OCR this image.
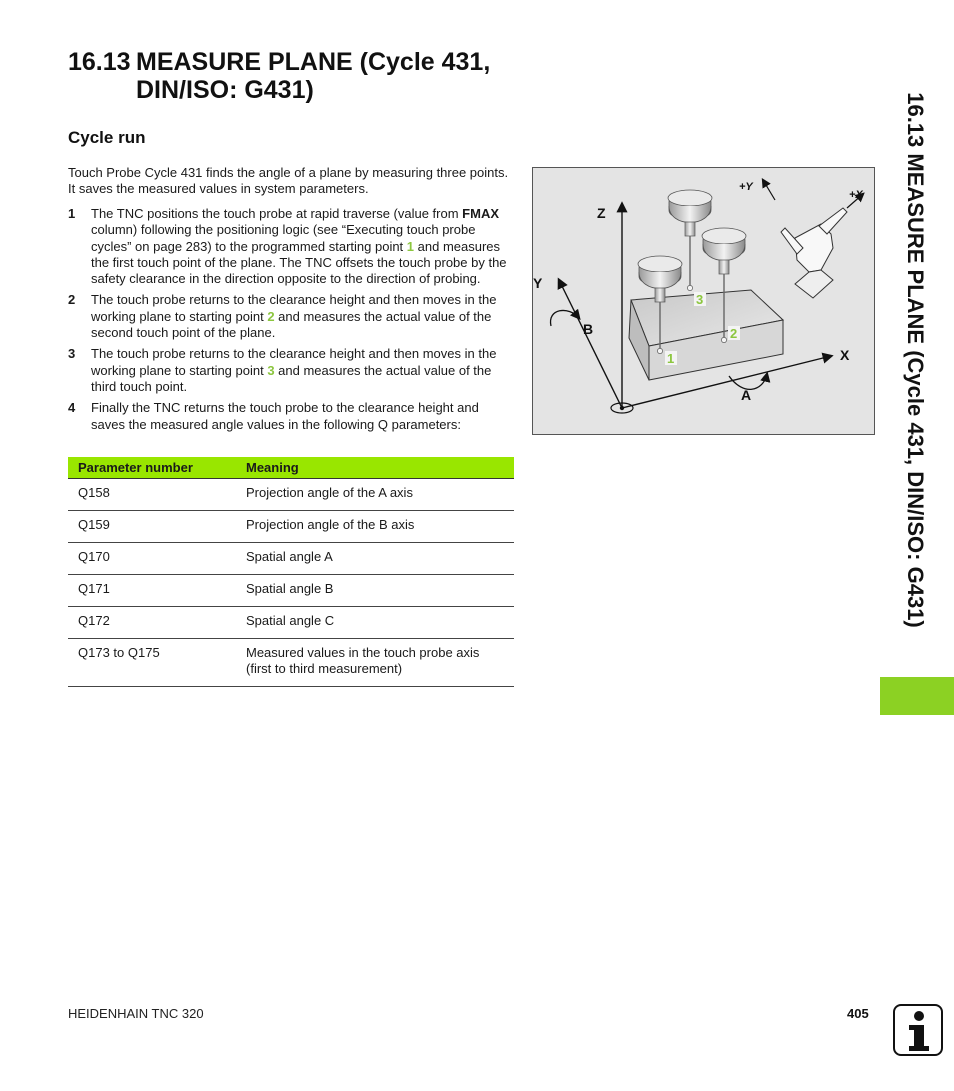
16.13 MEASURE PLANE (Cycle 431,
DIN/ISO: G431)
Cycle run

Touch Probe Cycle 431 finds the angle of a plane by measuring three points. It saves the measured values in system parameters.

1 The TNC positions the touch probe at rapid traverse (value from FMAX column) following the positioning logic (see “Executing touch probe cycles” on page 283) to the programmed starting point 1 and measures the first touch point of the plane. The TNC offsets the touch probe by the safety clearance in the direction opposite to the direction of probing.
2 The touch probe returns to the clearance height and then moves in the working plane to starting point 2 and measures the actual value of the second touch point of the plane.
3 The touch probe returns to the clearance height and then moves in the working plane to starting point 3 and measures the actual value of the third touch point.
4 Finally the TNC returns the touch probe to the clearance height and saves the measured angle values in the following Q parameters:
Parameter number	Meaning
Q158	Projection angle of the A axis
Q159	Projection angle of the B axis
Q170	Spatial angle A
Q171	Spatial angle B
Q172	Spatial angle C
Q173 to Q175	Measured values in the touch probe axis (first to third measurement)
Z
Y
X
B
A
+Y
+X
1
2
3	16.13 MEASURE PLANE (Cycle 431, DIN/ISO: G431)
HEIDENHAIN TNC 320	405
